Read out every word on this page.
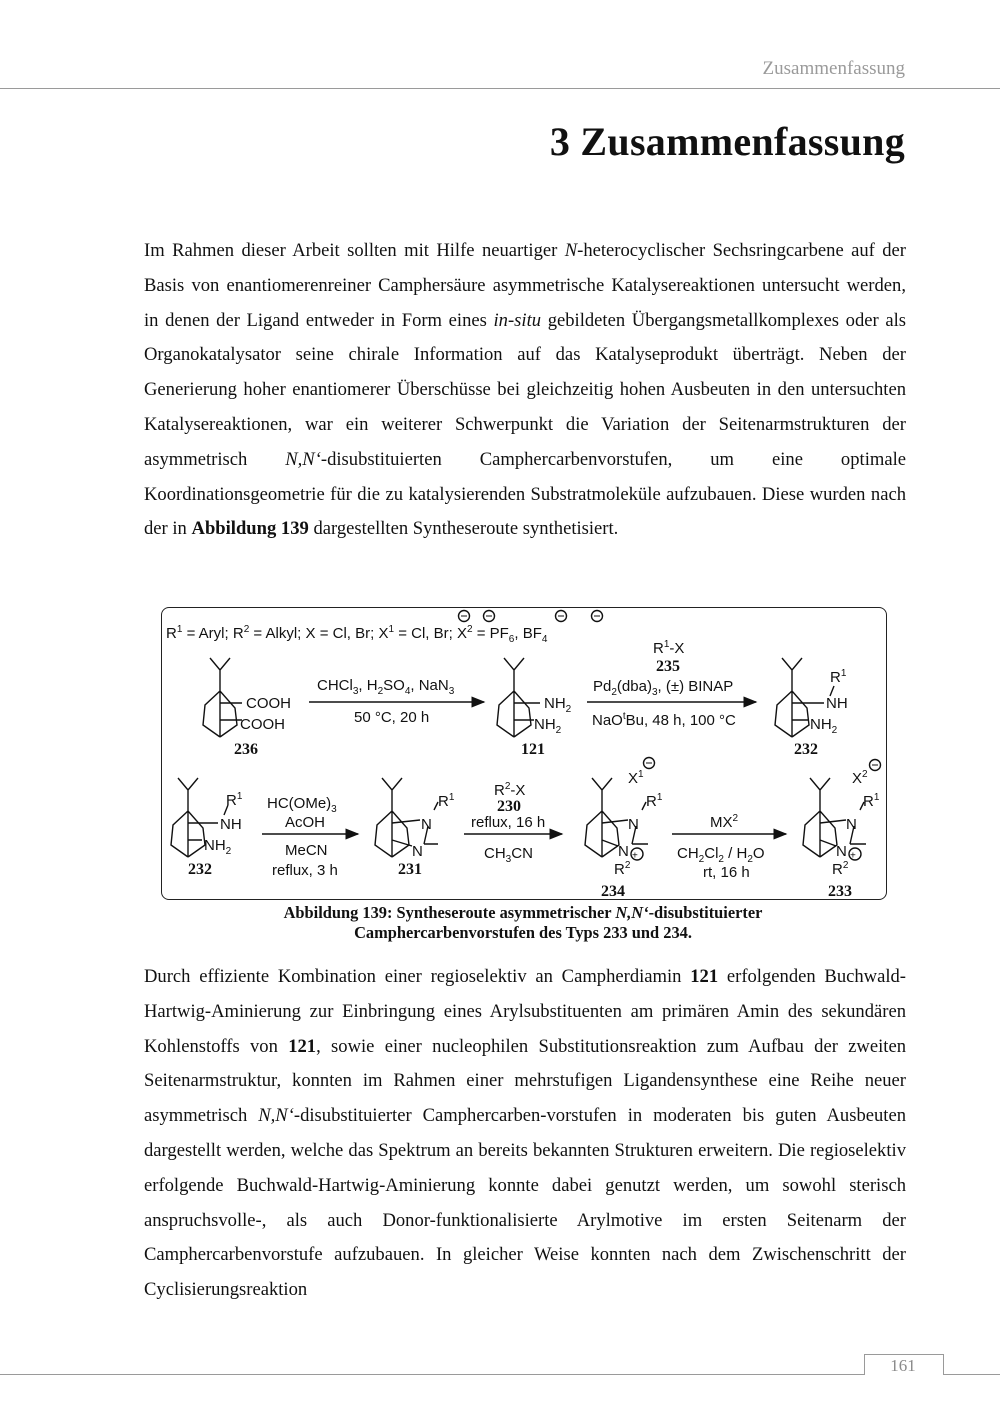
Zusammenfassung
3 Zusammenfassung

Im Rahmen dieser Arbeit sollten mit Hilfe neuartiger N-heterocyclischer Sechsringcarbene auf der Basis von enantiomerenreiner Camphersäure asymmetrische Katalysereaktionen untersucht werden, in denen der Ligand entweder in Form eines in-situ gebildeten Übergangsmetallkomplexes oder als Organokatalysator seine chirale Information auf das Katalyseprodukt überträgt. Neben der Generierung hoher enantiomerer Überschüsse bei gleichzeitig hohen Ausbeuten in den untersuchten Katalysereaktionen, war ein weiterer Schwerpunkt die Variation der Seitenarmstrukturen der asymmetrisch N,N‘-disubstituierten Camphercarbenvorstufen, um eine optimale Koordinationsgeometrie für die zu katalysierenden Substratmoleküle aufzubauen. Diese wurden nach der in Abbildung 139 dargestellten Syntheseroute synthetisiert.

$R^1$ = Aryl; $R^2$ = Alkyl; X = Cl, Br; $X^1 = Cl$, Br; $X^2 = PF_6$, $BF_4$
COOH
COOH
236
CHCl$_3$, $H_2SO_4$, NaN$_3$
50 °C, 20 h
$NH_2$
$NH_2$
121
$R^1-X$
235
$Pd_2(dba)_3$, (±) BINAP
NaO$^t$Bu, 48 h, 100 °C
$R^1$
NH
$NH_2$
232
$R^1$
NH
$NH_2$
232
$HC(OMe)_3$
AcOH
MeCN
reflux, 3 h
$R^1$
N
N
231
$R^2-X$
230
reflux, 16 h
$CH_3CN$
$X^1$
$R^1$
N
N +
$R^2$
234
$MX^2$
$CH_2Cl_2 / H_2O$
rt, 16 h
$X^2$
$R^1$
N
N +
$R^2$
233
Abbildung 139: Syntheseroute asymmetrischer N,N‘-disubstituierter
Camphercarbenvorstufen des Typs 233 und 234.

Durch effiziente Kombination einer regioselektiv an Campherdiamin 121 erfolgenden Buchwald-Hartwig-Aminierung zur Einbringung eines Arylsubstituenten am primären Amin des sekundären Kohlenstoffs von 121, sowie einer nucleophilen Substitutionsreaktion zum Aufbau der zweiten Seitenarmstruktur, konnten im Rahmen einer mehrstufigen Ligandensynthese eine Reihe neuer asymmetrisch N,N‘-disubstituierter Camphercarben-vorstufen in moderaten bis guten Ausbeuten dargestellt werden, welche das Spektrum an bereits bekannten Strukturen erweitern. Die regioselektiv erfolgende Buchwald-Hartwig-Aminierung konnte dabei genutzt werden, um sowohl sterisch anspruchsvolle-, als auch Donor-funktionalisierte Arylmotive im ersten Seitenarm der Camphercarbenvorstufe aufzubauen. In gleicher Weise konnten nach dem Zwischenschritt der Cyclisierungsreaktion

161
